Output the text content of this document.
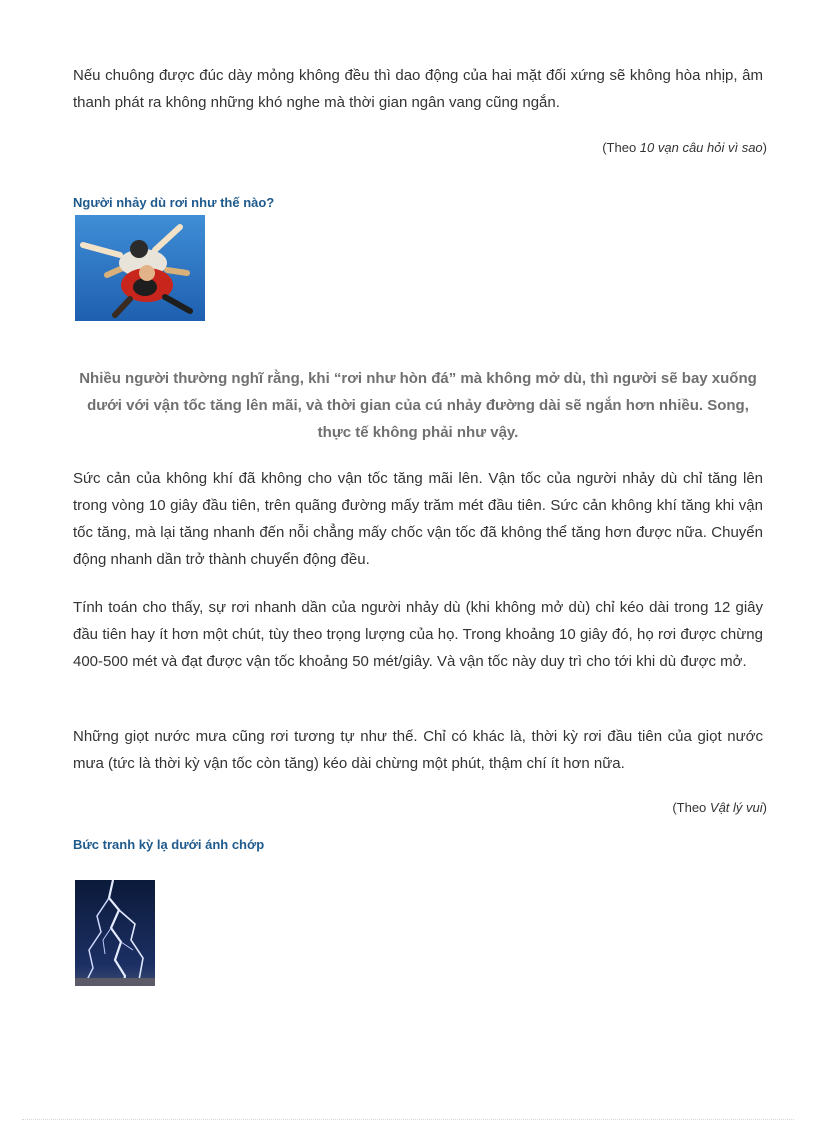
Nếu chuông được đúc dày mỏng không đều thì dao động của hai mặt đối xứng sẽ không hòa nhịp, âm thanh phát ra không những khó nghe mà thời gian ngân vang cũng ngắn.

(Theo 10 vạn câu hỏi vì sao)
Người nhảy dù rơi như thế nào?

Nhiều người thường nghĩ rằng, khi “rơi như hòn đá” mà không mở dù, thì người sẽ bay xuống dưới với vận tốc tăng lên mãi, và thời gian của cú nhảy đường dài sẽ ngắn hơn nhiều. Song, thực tế không phải như vậy.

Sức cản của không khí đã không cho vận tốc tăng mãi lên. Vận tốc của người nhảy dù chỉ tăng lên trong vòng 10 giây đầu tiên, trên quãng đường mấy trăm mét đầu tiên. Sức cản không khí tăng khi vận tốc tăng, mà lại tăng nhanh đến nỗi chẳng mấy chốc vận tốc đã không thể tăng hơn được nữa. Chuyển động nhanh dần trở thành chuyển động đều.

Tính toán cho thấy, sự rơi nhanh dần của người nhảy dù (khi không mở dù) chỉ kéo dài trong 12 giây đầu tiên hay ít hơn một chút, tùy theo trọng lượng của họ. Trong khoảng 10 giây đó, họ rơi được chừng 400-500 mét và đạt được vận tốc khoảng 50 mét/giây. Và vận tốc này duy trì cho tới khi dù được mở.

Những giọt nước mưa cũng rơi tương tự như thế. Chỉ có khác là, thời kỳ rơi đầu tiên của giọt nước mưa (tức là thời kỳ vận tốc còn tăng) kéo dài chừng một phút, thậm chí ít hơn nữa.

(Theo Vật lý vui)
Bức tranh kỳ lạ dưới ánh chớp
